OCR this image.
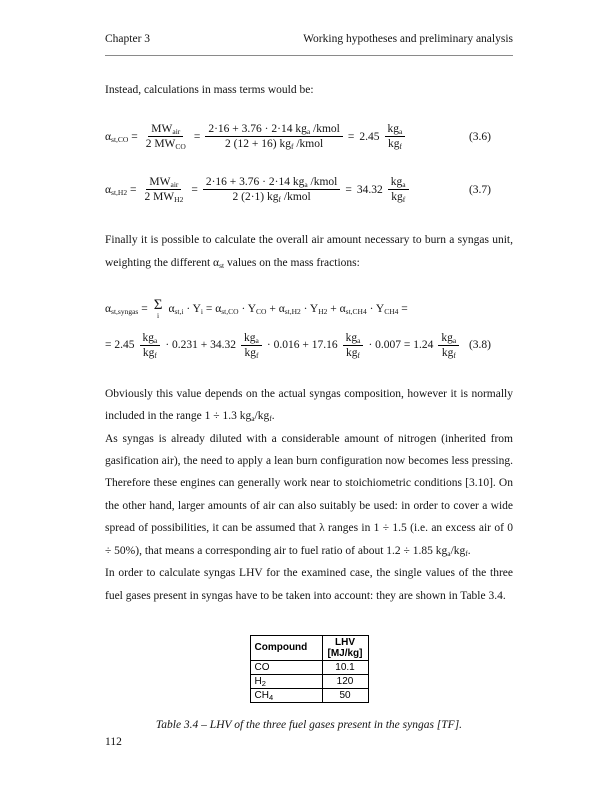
Chapter 3	Working hypotheses and preliminary analysis

Instead, calculations in mass terms would be:

$\alpha_{st,CO} = \frac{MW_{air}}{2 MW_{CO}} = \frac{2\cdot 16 + 3.76 \cdot 2\cdot 14 kg_a /kmol}{2 (12 + 16) kg_f /kmol} = 2.45 \frac{kg_a}{kg_f}$	(3.6)
$\alpha_{st,H2} = \frac{MW_{air}}{2 MW_{H2}} = \frac{2\cdot 16 + 3.76 \cdot 2\cdot 14 kg_a /kmol}{2 (2\cdot 1) kg_f /kmol} = 34.32 \frac{kg_a}{kg_f}$	(3.7)

Finally it is possible to calculate the overall air amount necessary to burn a syngas unit, weighting the different $\alpha_{st}$ values on the mass fractions:

$\alpha_{st,syngas} = \Sigma$
i
$\alpha_{st,i} \cdot Y_i = \alpha_{st,CO} \cdot Y_{CO} + \alpha_{st,H2} \cdot Y_{H2} + \alpha_{st,CH4} \cdot Y_{CH4}$ =
= $2.45 \frac{kg_a}{kg_f} \cdot 0.231 + 34.32 \frac{kg_a}{kg_f} \cdot 0.016 + 17.16 \frac{kg_a}{kg_f} \cdot 0.007 = 1.24 \frac{kg_a}{kg_f} (3.8)$

Obviously this value depends on the actual syngas composition, however it is normally included in the range 1 ÷ 1.3 $kg_a/kg_f$.

As syngas is already diluted with a considerable amount of nitrogen (inherited from gasification air), the need to apply a lean burn configuration now becomes less pressing. Therefore these engines can generally work near to stoichiometric conditions [3.10]. On the other hand, larger amounts of air can also suitably be used: in order to cover a wide spread of possibilities, it can be assumed that λ ranges in 1 ÷ 1.5 (i.e. an excess air of 0 ÷ 50%), that means a corresponding air to fuel ratio of about 1.2 ÷ 1.85 $kg_a/kg_f$.

In order to calculate syngas LHV for the examined case, the single values of the three fuel gases present in syngas have to be taken into account: they are shown in Table 3.4.

Compound	LHV
[MJ/kg]

CO	10.1
$H_2$	120
$CH_4$	50

Table 3.4 – LHV of the three fuel gases present in the syngas [TF].

112
